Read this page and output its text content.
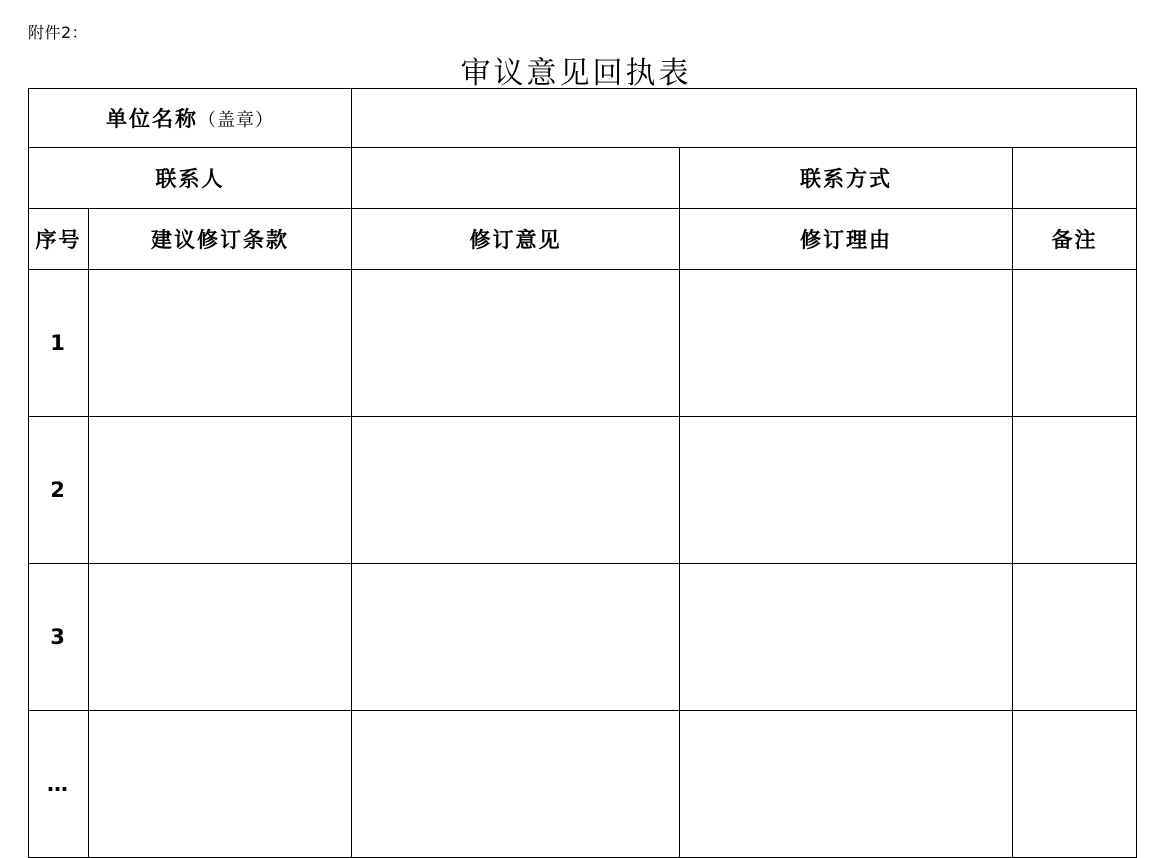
附件2：
审议意见回执表
单位名称（盖章）				
联系人			联系方式	
序号	建议修订条款	修订意见	修订理由	备注
1				
2				
3				
…				
